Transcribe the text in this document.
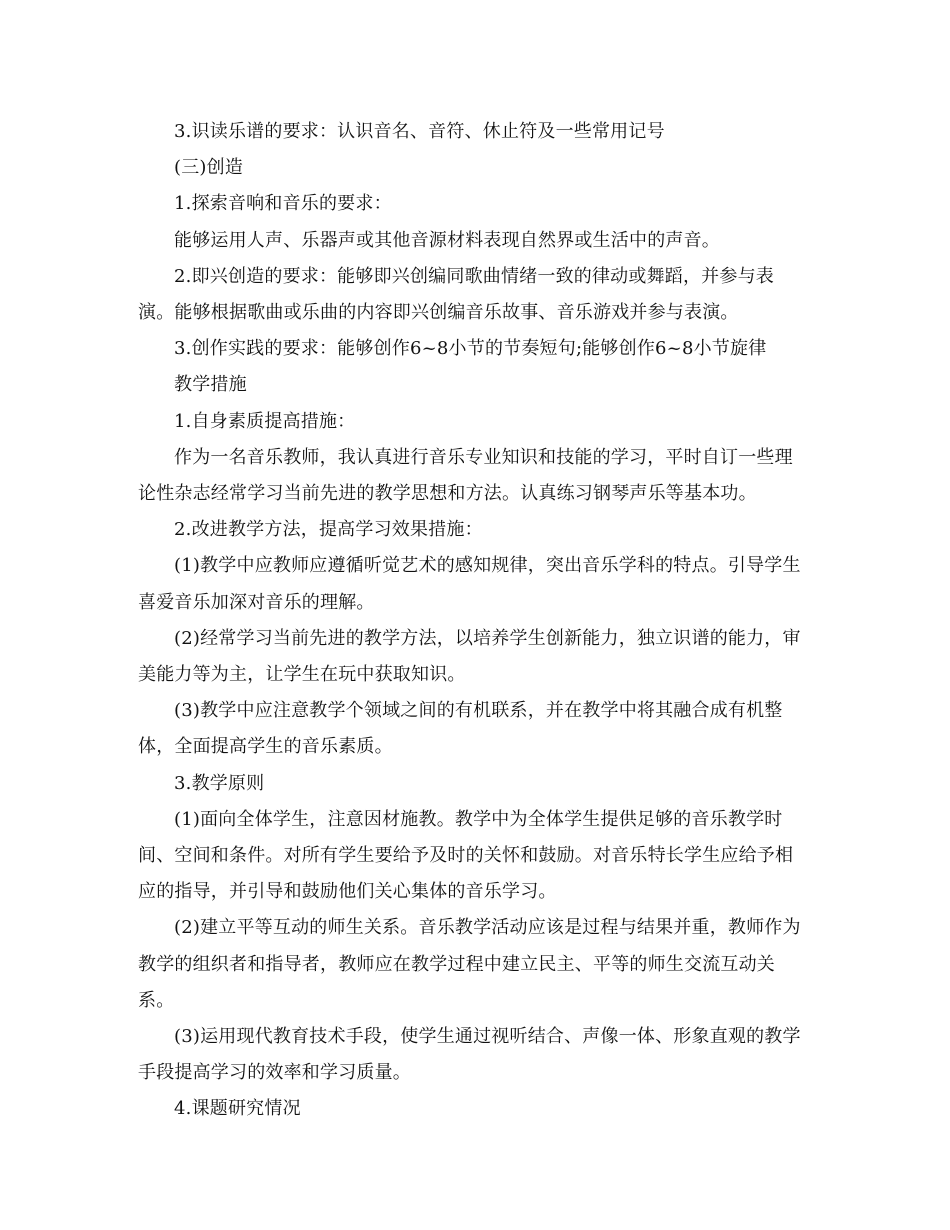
3.识读乐谱的要求：认识音名、音符、休止符及一些常用记号

(三)创造

1.探索音响和音乐的要求：

能够运用人声、乐器声或其他音源材料表现自然界或生活中的声音。

2.即兴创造的要求：能够即兴创编同歌曲情绪一致的律动或舞蹈，并参与表演。能够根据歌曲或乐曲的内容即兴创编音乐故事、音乐游戏并参与表演。

3.创作实践的要求：能够创作6~8小节的节奏短句;能够创作6~8小节旋律

教学措施

1.自身素质提高措施：

作为一名音乐教师，我认真进行音乐专业知识和技能的学习，平时自订一些理论性杂志经常学习当前先进的教学思想和方法。认真练习钢琴声乐等基本功。

2.改进教学方法，提高学习效果措施：

(1)教学中应教师应遵循听觉艺术的感知规律，突出音乐学科的特点。引导学生喜爱音乐加深对音乐的理解。

(2)经常学习当前先进的教学方法，以培养学生创新能力，独立识谱的能力，审美能力等为主，让学生在玩中获取知识。

(3)教学中应注意教学个领域之间的有机联系，并在教学中将其融合成有机整体，全面提高学生的音乐素质。

3.教学原则

(1)面向全体学生，注意因材施教。教学中为全体学生提供足够的音乐教学时间、空间和条件。对所有学生要给予及时的关怀和鼓励。对音乐特长学生应给予相应的指导，并引导和鼓励他们关心集体的音乐学习。

(2)建立平等互动的师生关系。音乐教学活动应该是过程与结果并重，教师作为教学的组织者和指导者，教师应在教学过程中建立民主、平等的师生交流互动关系。

(3)运用现代教育技术手段，使学生通过视听结合、声像一体、形象直观的教学手段提高学习的效率和学习质量。

4.课题研究情况
